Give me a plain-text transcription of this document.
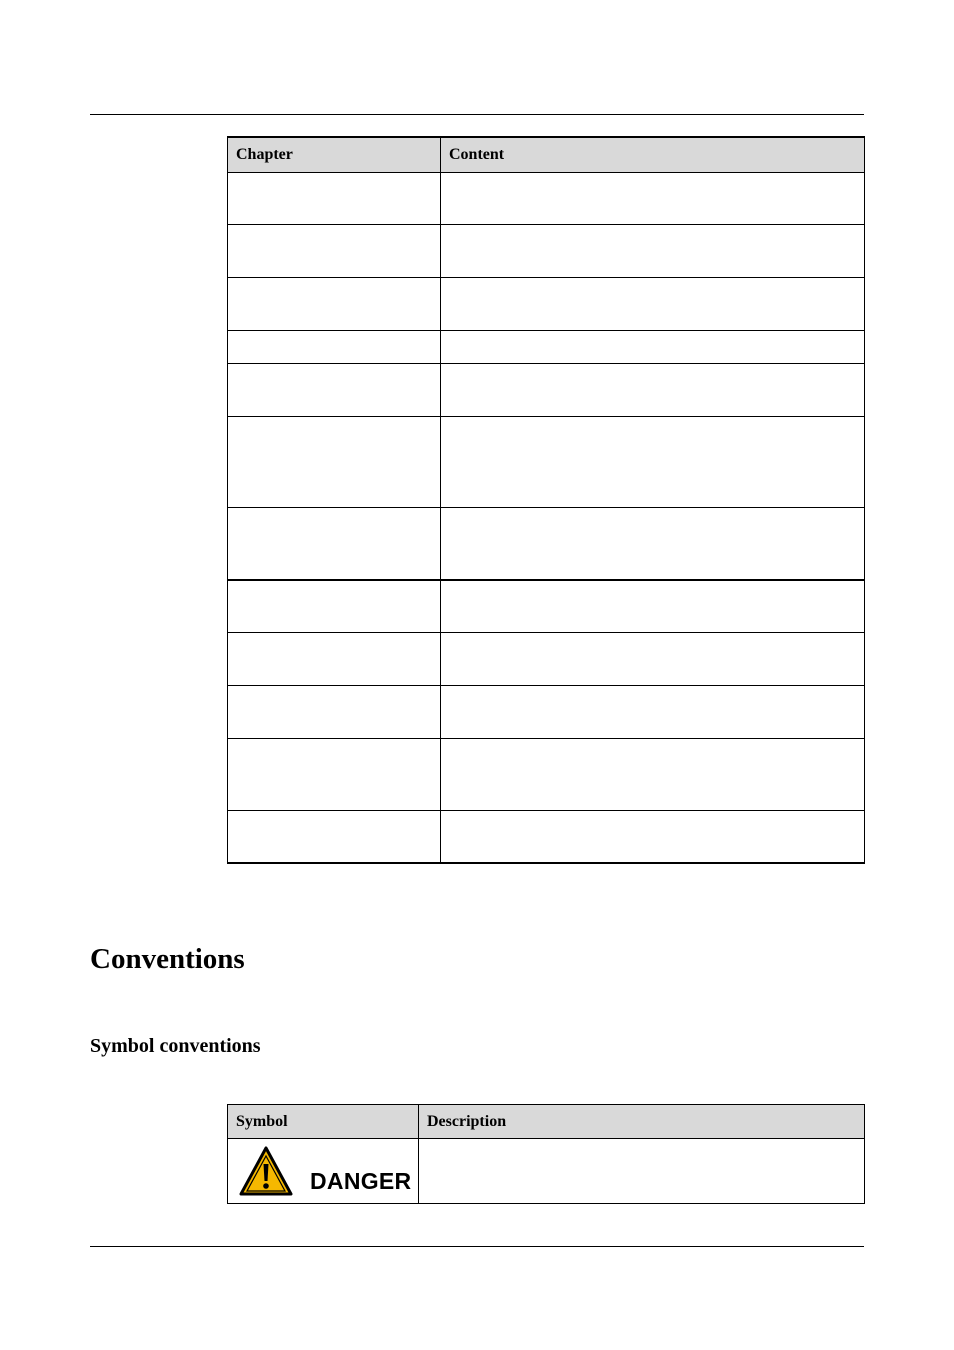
Chapter	Content

Conventions
Symbol conventions
Symbol	Description

DANGER	
